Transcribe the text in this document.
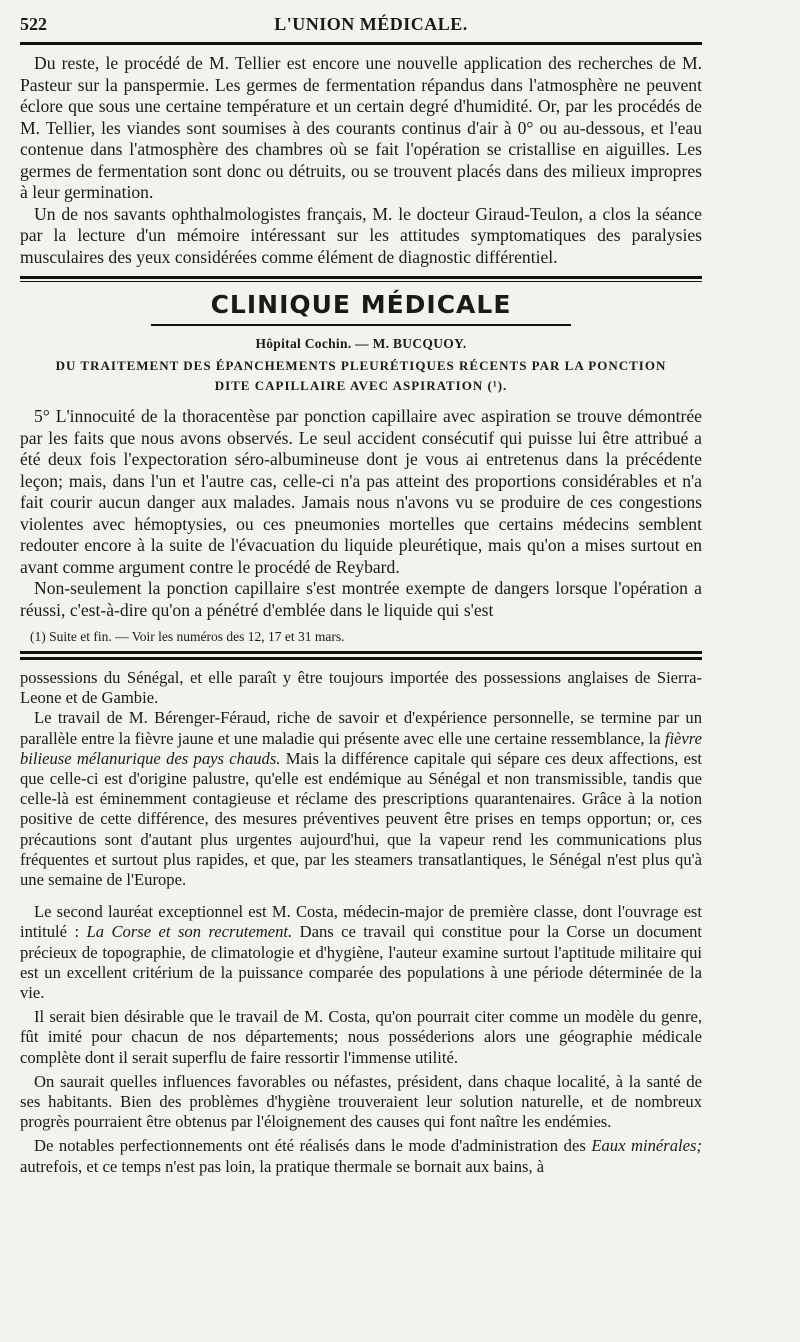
522	L'UNION MÉDICALE.

Du reste, le procédé de M. Tellier est encore une nouvelle application des recherches de M. Pasteur sur la panspermie. Les germes de fermentation répandus dans l'atmosphère ne peuvent éclore que sous une certaine température et un certain degré d'humidité. Or, par les procédés de M. Tellier, les viandes sont soumises à des courants continus d'air à 0° ou au-dessous, et l'eau contenue dans l'atmosphère des chambres où se fait l'opération se cristallise en aiguilles. Les germes de fermentation sont donc ou détruits, ou se trouvent placés dans des milieux impropres à leur germination.

Un de nos savants ophthalmologistes français, M. le docteur Giraud-Teulon, a clos la séance par la lecture d'un mémoire intéressant sur les attitudes symptomatiques des paralysies musculaires des yeux considérées comme élément de diagnostic différentiel.

CLINIQUE MÉDICALE
Hôpital Cochin. — M. BUCQUOY.
DU TRAITEMENT DES ÉPANCHEMENTS PLEURÉTIQUES RÉCENTS PAR LA PONCTION
DITE CAPILLAIRE AVEC ASPIRATION (¹).

5° L'innocuité de la thoracentèse par ponction capillaire avec aspiration se trouve démontrée par les faits que nous avons observés. Le seul accident consécutif qui puisse lui être attribué a été deux fois l'expectoration séro-albumineuse dont je vous ai entretenus dans la précédente leçon; mais, dans l'un et l'autre cas, celle-ci n'a pas atteint des proportions considérables et n'a fait courir aucun danger aux malades. Jamais nous n'avons vu se produire de ces congestions violentes avec hémoptysies, ou ces pneumonies mortelles que certains médecins semblent redouter encore à la suite de l'évacuation du liquide pleurétique, mais qu'on a mises surtout en avant comme argument contre le procédé de Reybard.

Non-seulement la ponction capillaire s'est montrée exempte de dangers lorsque l'opération a réussi, c'est-à-dire qu'on a pénétré d'emblée dans le liquide qui s'est

(1) Suite et fin. — Voir les numéros des 12, 17 et 31 mars.

possessions du Sénégal, et elle paraît y être toujours importée des possessions anglaises de Sierra-Leone et de Gambie.

Le travail de M. Bérenger-Féraud, riche de savoir et d'expérience personnelle, se termine par un parallèle entre la fièvre jaune et une maladie qui présente avec elle une certaine ressemblance, la fièvre bilieuse mélanurique des pays chauds. Mais la différence capitale qui sépare ces deux affections, est que celle-ci est d'origine palustre, qu'elle est endémique au Sénégal et non transmissible, tandis que celle-là est éminemment contagieuse et réclame des prescriptions quarantenaires. Grâce à la notion positive de cette différence, des mesures préventives peuvent être prises en temps opportun; or, ces précautions sont d'autant plus urgentes aujourd'hui, que la vapeur rend les communications plus fréquentes et surtout plus rapides, et que, par les steamers transatlantiques, le Sénégal n'est plus qu'à une semaine de l'Europe.

Le second lauréat exceptionnel est M. Costa, médecin-major de première classe, dont l'ouvrage est intitulé : La Corse et son recrutement. Dans ce travail qui constitue pour la Corse un document précieux de topographie, de climatologie et d'hygiène, l'auteur examine surtout l'aptitude militaire qui est un excellent critérium de la puissance comparée des populations à une période déterminée de la vie.

Il serait bien désirable que le travail de M. Costa, qu'on pourrait citer comme un modèle du genre, fût imité pour chacun de nos départements; nous posséderions alors une géographie médicale complète dont il serait superflu de faire ressortir l'immense utilité.

On saurait quelles influences favorables ou néfastes, président, dans chaque localité, à la santé de ses habitants. Bien des problèmes d'hygiène trouveraient leur solution naturelle, et de nombreux progrès pourraient être obtenus par l'éloignement des causes qui font naître les endémies.

De notables perfectionnements ont été réalisés dans le mode d'administration des Eaux minérales; autrefois, et ce temps n'est pas loin, la pratique thermale se bornait aux bains, à
